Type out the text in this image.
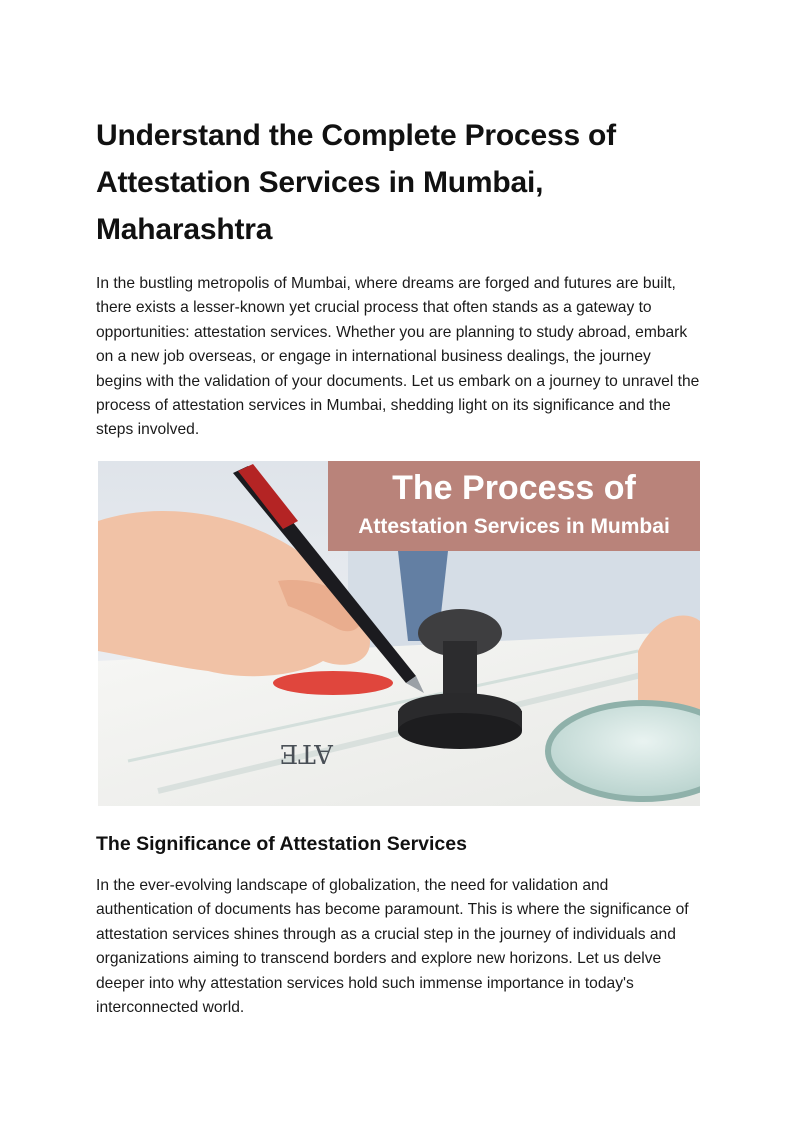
Understand the Complete Process of Attestation Services in Mumbai, Maharashtra

In the bustling metropolis of Mumbai, where dreams are forged and futures are built, there exists a lesser-known yet crucial process that often stands as a gateway to opportunities: attestation services. Whether you are planning to study abroad, embark on a new job overseas, or engage in international business dealings, the journey begins with the validation of your documents. Let us embark on a journey to unravel the process of attestation services in Mumbai, shedding light on its significance and the steps involved.

ATE
The Process of
Attestation Services in Mumbai
The Significance of Attestation Services

In the ever-evolving landscape of globalization, the need for validation and authentication of documents has become paramount. This is where the significance of attestation services shines through as a crucial step in the journey of individuals and organizations aiming to transcend borders and explore new horizons. Let us delve deeper into why attestation services hold such immense importance in today's interconnected world.
